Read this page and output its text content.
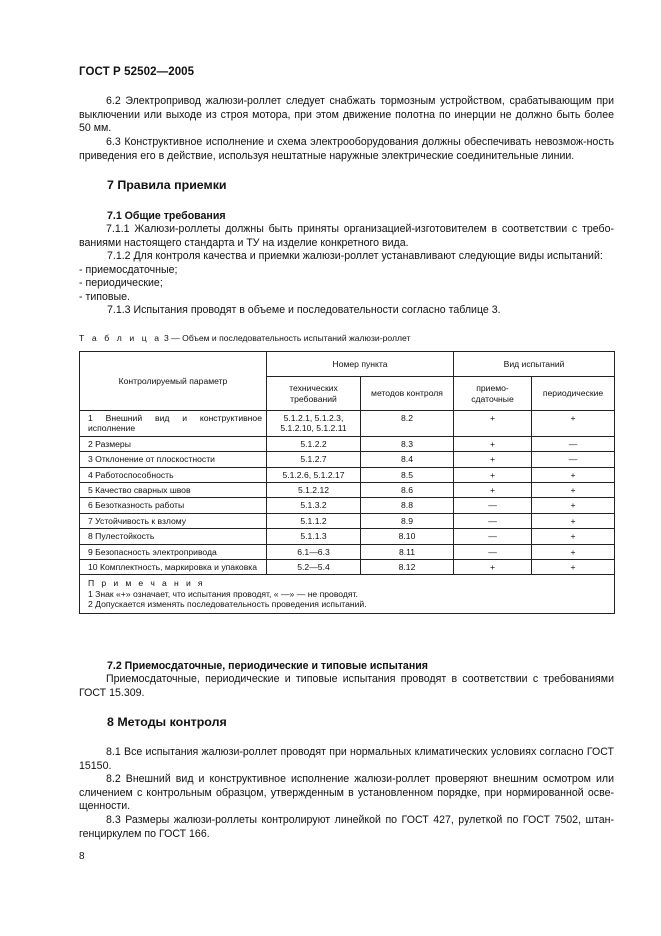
ГОСТ Р 52502—2005
6.2 Электропривод жалюзи-роллет следует снабжать тормозным устройством, срабатывающим при выключении или выходе из строя мотора, при этом движение полотна по инерции не должно быть более 50 мм.
6.3 Конструктивное исполнение и схема электрооборудования должны обеспечивать невозмож-ность приведения его в действие, используя нештатные наружные электрические соединительные линии.
7 Правила приемки
7.1 Общие требования
7.1.1 Жалюзи-роллеты должны быть приняты организацией-изготовителем в соответствии с требо-ваниями настоящего стандарта и ТУ на изделие конкретного вида.
7.1.2 Для контроля качества и приемки жалюзи-роллет устанавливают следующие виды испытаний:
- приемосдаточные;
- периодические;
- типовые.
7.1.3 Испытания проводят в объеме и последовательности согласно таблице 3.
Т а б л и ц а 3 — Объем и последовательность испытаний жалюзи-роллет
Контролируемый параметр	Номер пункта		Вид испытаний	
	технических требований	методов контроля	приемо-сдаточные	периодические
1 Внешний вид и конструктивное исполнение	5.1.2.1, 5.1.2.3, 5.1.2.10, 5.1.2.11	8.2	+	+
2 Размеры	5.1.2.2	8.3	+	—
3 Отклонение от плоскостности	5.1.2.7	8.4	+	—
4 Работоспособность	5.1.2.6, 5.1.2.17	8.5	+	+
5 Качество сварных швов	5.1.2.12	8.6	+	+
6 Безотказность работы	5.1.3.2	8.8	—	+
7 Устойчивость к взлому	5.1.1.2	8.9	—	+
8 Пулестойкость	5.1.1.3	8.10	—	+
9 Безопасность электропривода	6.1—6.3	8.11	—	+
10 Комплектность, маркировка и упаковка	5.2—5.4	8.12	+	+

П р и м е ч а н и я
1 Знак «+» означает, что испытания проводят, « —» — не проводят.
2 Допускается изменять последовательность проведения испытаний.				
7.2 Приемосдаточные, периодические и типовые испытания
Приемосдаточные, периодические и типовые испытания проводят в соответствии с требованиями ГОСТ 15.309.
8 Методы контроля
8.1 Все испытания жалюзи-роллет проводят при нормальных климатических условиях согласно ГОСТ 15150.
8.2 Внешний вид и конструктивное исполнение жалюзи-роллет проверяют внешним осмотром или сличением с контрольным образцом, утвержденным в установленном порядке, при нормированной осве-щенности.
8.3 Размеры жалюзи-роллеты контролируют линейкой по ГОСТ 427, рулеткой по ГОСТ 7502, штан-генциркулем по ГОСТ 166.
8
